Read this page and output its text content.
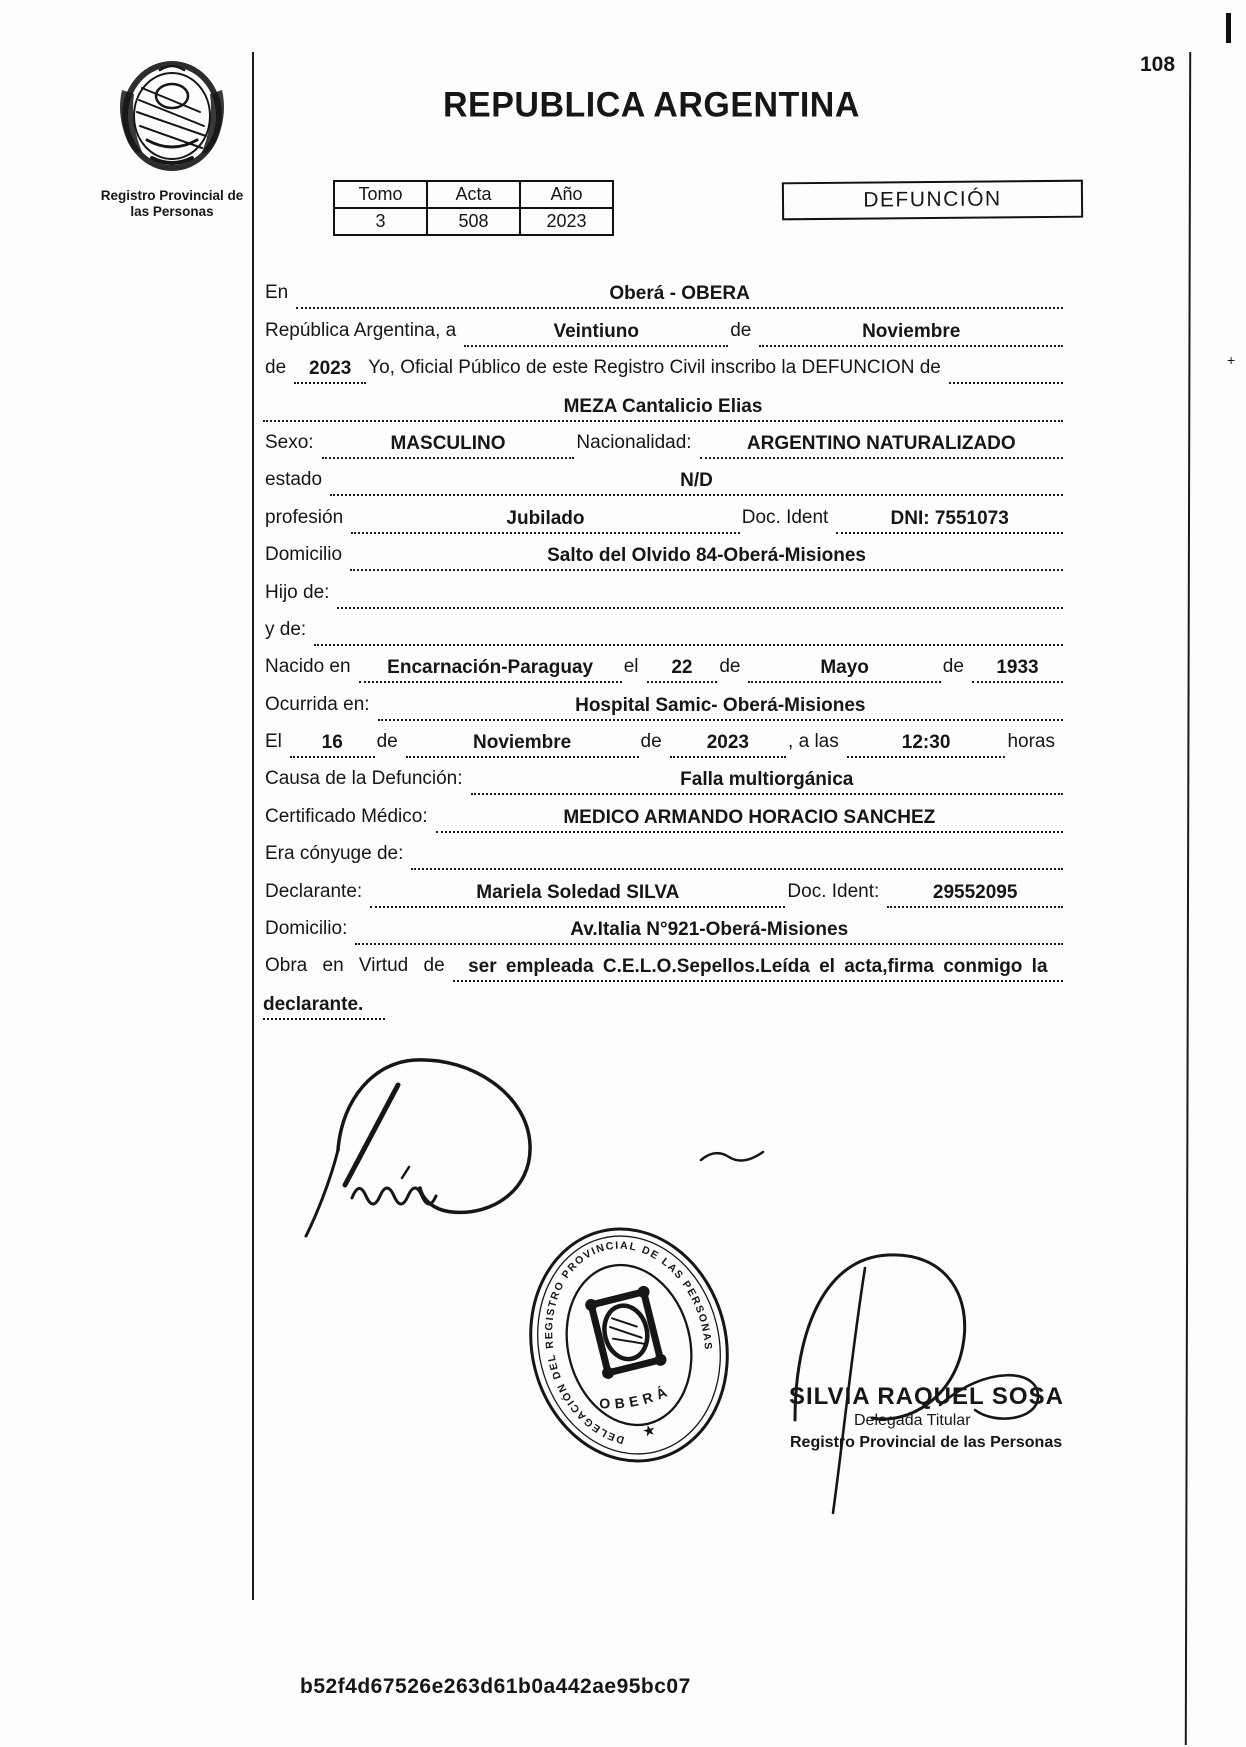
Registro Provincial de las Personas
REPUBLICA ARGENTINA
108
+
Tomo	Acta	Año
3	508	2023
DEFUNCIÓN
En	Oberá - OBERA
República Argentina, a	Veintiuno	de	Noviembre
de	2023 Yo, Oficial Público de este Registro Civil inscribo la DEFUNCION de
MEZA Cantalicio Elias
Sexo:	MASCULINO	Nacionalidad:	ARGENTINO NATURALIZADO
estado	N/D
profesión	Jubilado	Doc. Ident	DNI: 7551073
Domicilio	Salto del Olvido 84-Oberá-Misiones
Hijo de:
y de:
Nacido en	Encarnación-Paraguay	el	22	de	Mayo	de	1933
Ocurrida en:	Hospital Samic- Oberá-Misiones
El	16	de	Noviembre	de	2023	, a las	12:30	horas
Causa de la Defunción:	Falla multiorgánica
Certificado Médico:	MEDICO ARMANDO HORACIO SANCHEZ
Era cónyuge de:
Declarante:	Mariela Soledad SILVA	Doc. Ident:	29552095
Domicilio:	Av.Italia N°921-Oberá-Misiones
Obra en Virtud de	ser empleada C.E.L.O.Sepellos.Leída el acta,firma conmigo la
declarante.
DELEGACIÓN DEL REGISTRO PROVINCIAL DE LAS PERSONAS
OBERÁ
★
SILVIA RAQUEL SOSA
Delegada Titular
Registro Provincial de las Personas
b52f4d67526e263d61b0a442ae95bc07
